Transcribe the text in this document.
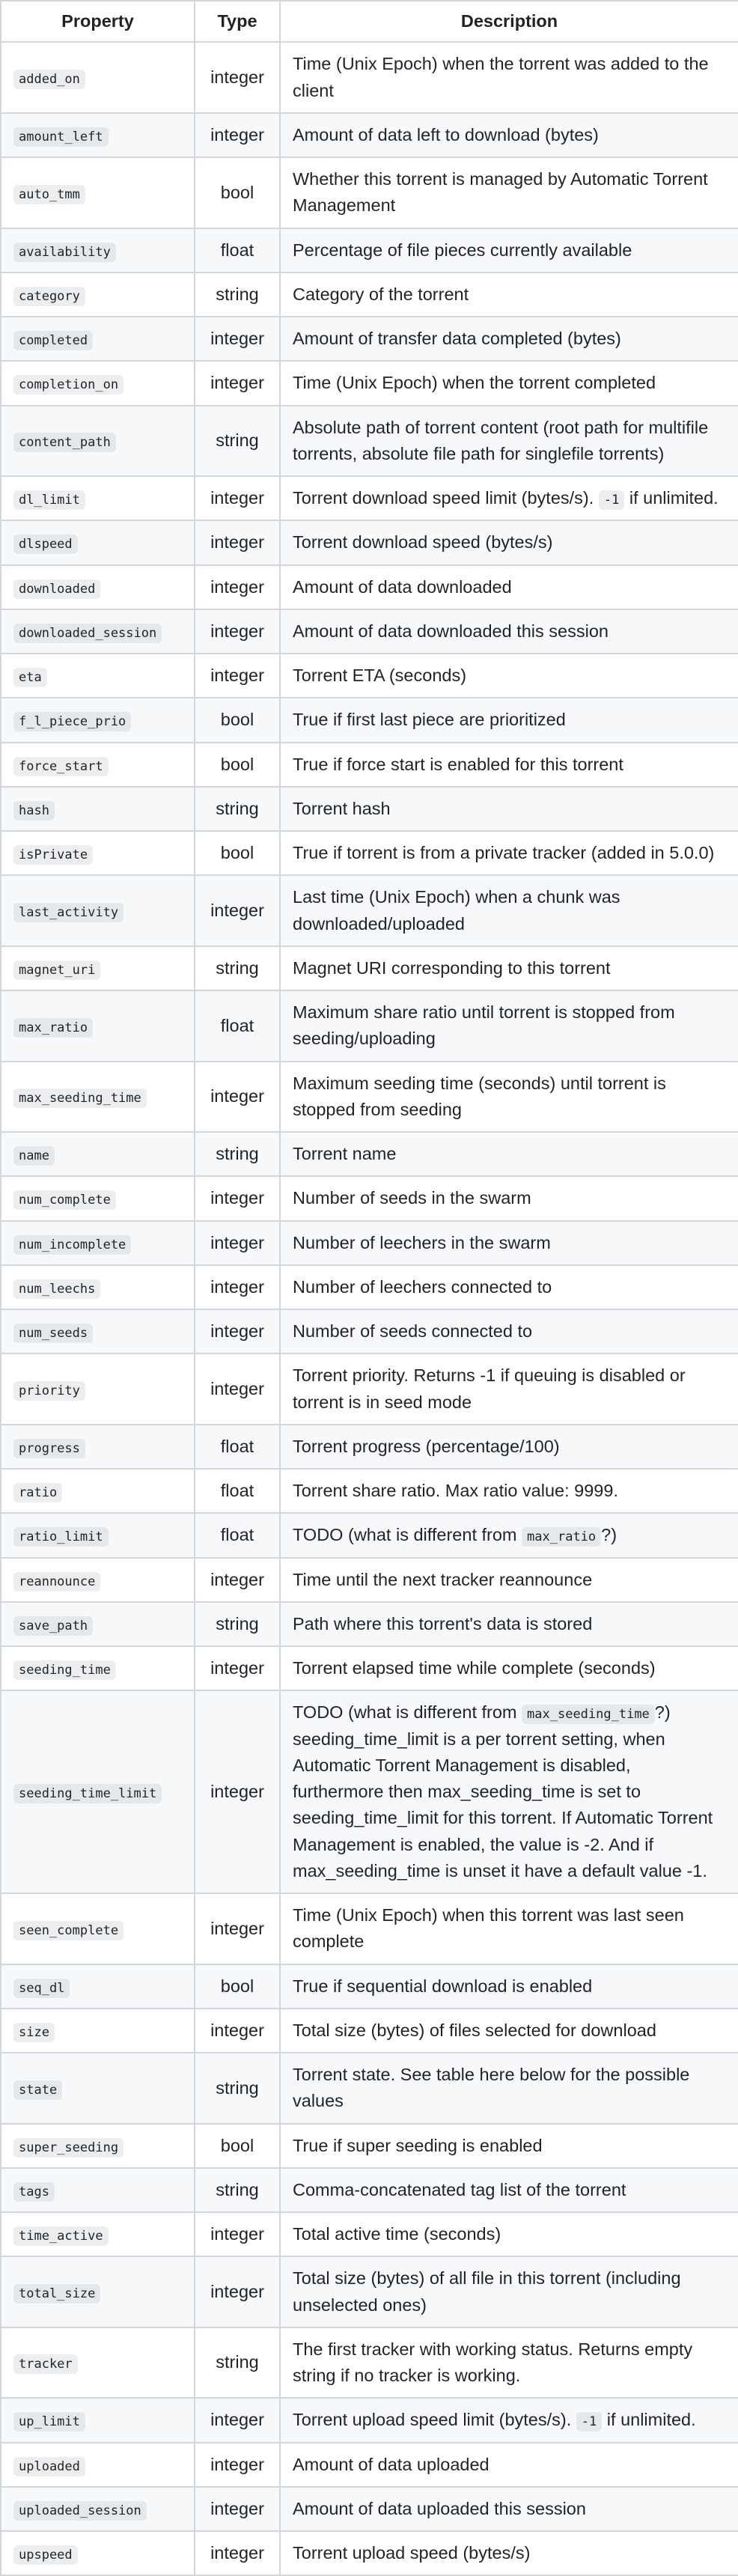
Property	Type	Description
added_on	integer	Time (Unix Epoch) when the torrent was added to the client
amount_left	integer	Amount of data left to download (bytes)
auto_tmm	bool	Whether this torrent is managed by Automatic Torrent Management
availability	float	Percentage of file pieces currently available
category	string	Category of the torrent
completed	integer	Amount of transfer data completed (bytes)
completion_on	integer	Time (Unix Epoch) when the torrent completed
content_path	string	Absolute path of torrent content (root path for multifile torrents, absolute file path for singlefile torrents)
dl_limit	integer	Torrent download speed limit (bytes/s). -1 if unlimited.
dlspeed	integer	Torrent download speed (bytes/s)
downloaded	integer	Amount of data downloaded
downloaded_session	integer	Amount of data downloaded this session
eta	integer	Torrent ETA (seconds)
f_l_piece_prio	bool	True if first last piece are prioritized
force_start	bool	True if force start is enabled for this torrent
hash	string	Torrent hash
isPrivate	bool	True if torrent is from a private tracker (added in 5.0.0)
last_activity	integer	Last time (Unix Epoch) when a chunk was downloaded/uploaded
magnet_uri	string	Magnet URI corresponding to this torrent
max_ratio	float	Maximum share ratio until torrent is stopped from seeding/uploading
max_seeding_time	integer	Maximum seeding time (seconds) until torrent is stopped from seeding
name	string	Torrent name
num_complete	integer	Number of seeds in the swarm
num_incomplete	integer	Number of leechers in the swarm
num_leechs	integer	Number of leechers connected to
num_seeds	integer	Number of seeds connected to
priority	integer	Torrent priority. Returns -1 if queuing is disabled or torrent is in seed mode
progress	float	Torrent progress (percentage/100)
ratio	float	Torrent share ratio. Max ratio value: 9999.
ratio_limit	float	TODO (what is different from max_ratio ?)
reannounce	integer	Time until the next tracker reannounce
save_path	string	Path where this torrent's data is stored
seeding_time	integer	Torrent elapsed time while complete (seconds)
seeding_time_limit	integer	TODO (what is different from max_seeding_time ?) seeding_time_limit is a per torrent setting, when Automatic Torrent Management is disabled, furthermore then max_seeding_time is set to seeding_time_limit for this torrent. If Automatic Torrent Management is enabled, the value is -2. And if max_seeding_time is unset it have a default value -1.
seen_complete	integer	Time (Unix Epoch) when this torrent was last seen complete
seq_dl	bool	True if sequential download is enabled
size	integer	Total size (bytes) of files selected for download
state	string	Torrent state. See table here below for the possible values
super_seeding	bool	True if super seeding is enabled
tags	string	Comma-concatenated tag list of the torrent
time_active	integer	Total active time (seconds)
total_size	integer	Total size (bytes) of all file in this torrent (including unselected ones)
tracker	string	The first tracker with working status. Returns empty string if no tracker is working.
up_limit	integer	Torrent upload speed limit (bytes/s). -1 if unlimited.
uploaded	integer	Amount of data uploaded
uploaded_session	integer	Amount of data uploaded this session
upspeed	integer	Torrent upload speed (bytes/s)
